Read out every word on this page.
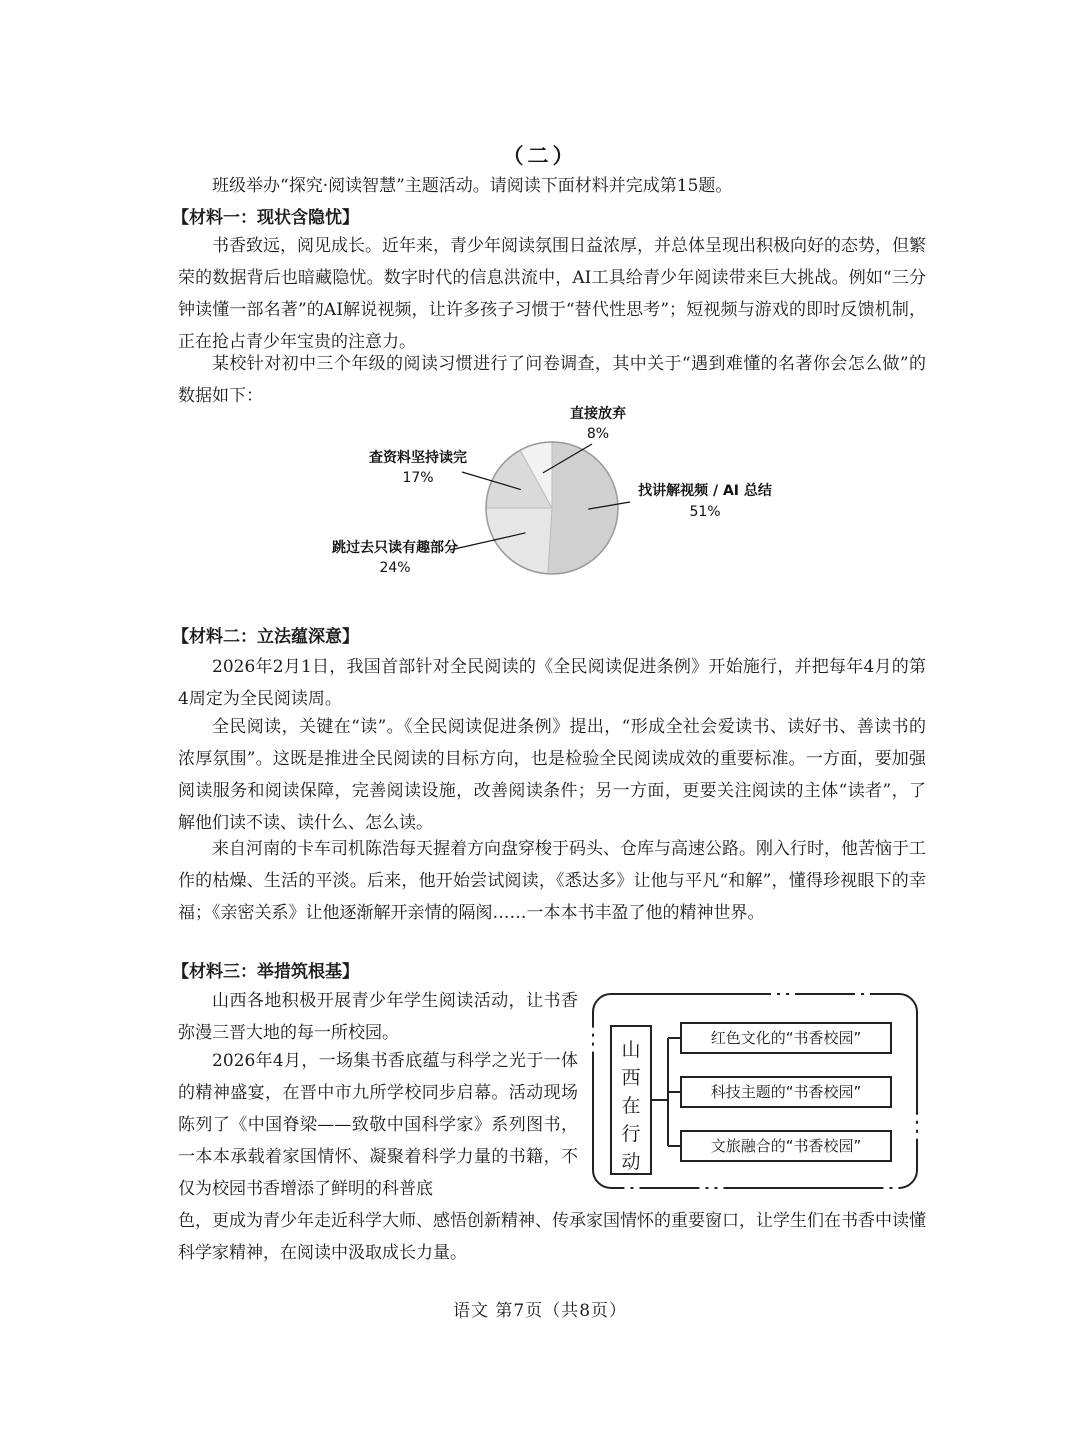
（二）

班级举办“探究·阅读智慧”主题活动。请阅读下面材料并完成第15题。

【材料一：现状含隐忧】

书香致远，阅见成长。近年来，青少年阅读氛围日益浓厚，并总体呈现出积极向好的态势，但繁荣的数据背后也暗藏隐忧。数字时代的信息洪流中，AI工具给青少年阅读带来巨大挑战。例如“三分钟读懂一部名著”的AI解说视频，让许多孩子习惯于“替代性思考”；短视频与游戏的即时反馈机制，正在抢占青少年宝贵的注意力。

某校针对初中三个年级的阅读习惯进行了问卷调查，其中关于“遇到难懂的名著你会怎么做”的数据如下：

直接放弃
8%
查资料坚持读完
17%
找讲解视频 / AI 总结
51%
跳过去只读有趣部分
24%
【材料二：立法蕴深意】

2026年2月1日，我国首部针对全民阅读的《全民阅读促进条例》开始施行，并把每年4月的第4周定为全民阅读周。

全民阅读，关键在“读”。《全民阅读促进条例》提出，“形成全社会爱读书、读好书、善读书的浓厚氛围”。这既是推进全民阅读的目标方向，也是检验全民阅读成效的重要标准。一方面，要加强阅读服务和阅读保障，完善阅读设施，改善阅读条件；另一方面，更要关注阅读的主体“读者”，了解他们读不读、读什么、怎么读。

来自河南的卡车司机陈浩每天握着方向盘穿梭于码头、仓库与高速公路。刚入行时，他苦恼于工作的枯燥、生活的平淡。后来，他开始尝试阅读，《悉达多》让他与平凡“和解”，懂得珍视眼下的幸福；《亲密关系》让他逐渐解开亲情的隔阂……一本本书丰盈了他的精神世界。

【材料三：举措筑根基】

山西各地积极开展青少年学生阅读活动，让书香弥漫三晋大地的每一所校园。

2026年4月，一场集书香底蕴与科学之光于一体的精神盛宴，在晋中市九所学校同步启幕。活动现场陈列了《中国脊梁——致敬中国科学家》系列图书，一本本承载着家国情怀、凝聚着科学力量的书籍，不仅为校园书香增添了鲜明的科普底

色，更成为青少年走近科学大师、感悟创新精神、传承家国情怀的重要窗口，让学生们在书香中读懂科学家精神，在阅读中汲取成长力量。

山
西
在
行
动
红色文化的“书香校园”
科技主题的“书香校园”
文旅融合的“书香校园”
语文 第7页（共8页）
